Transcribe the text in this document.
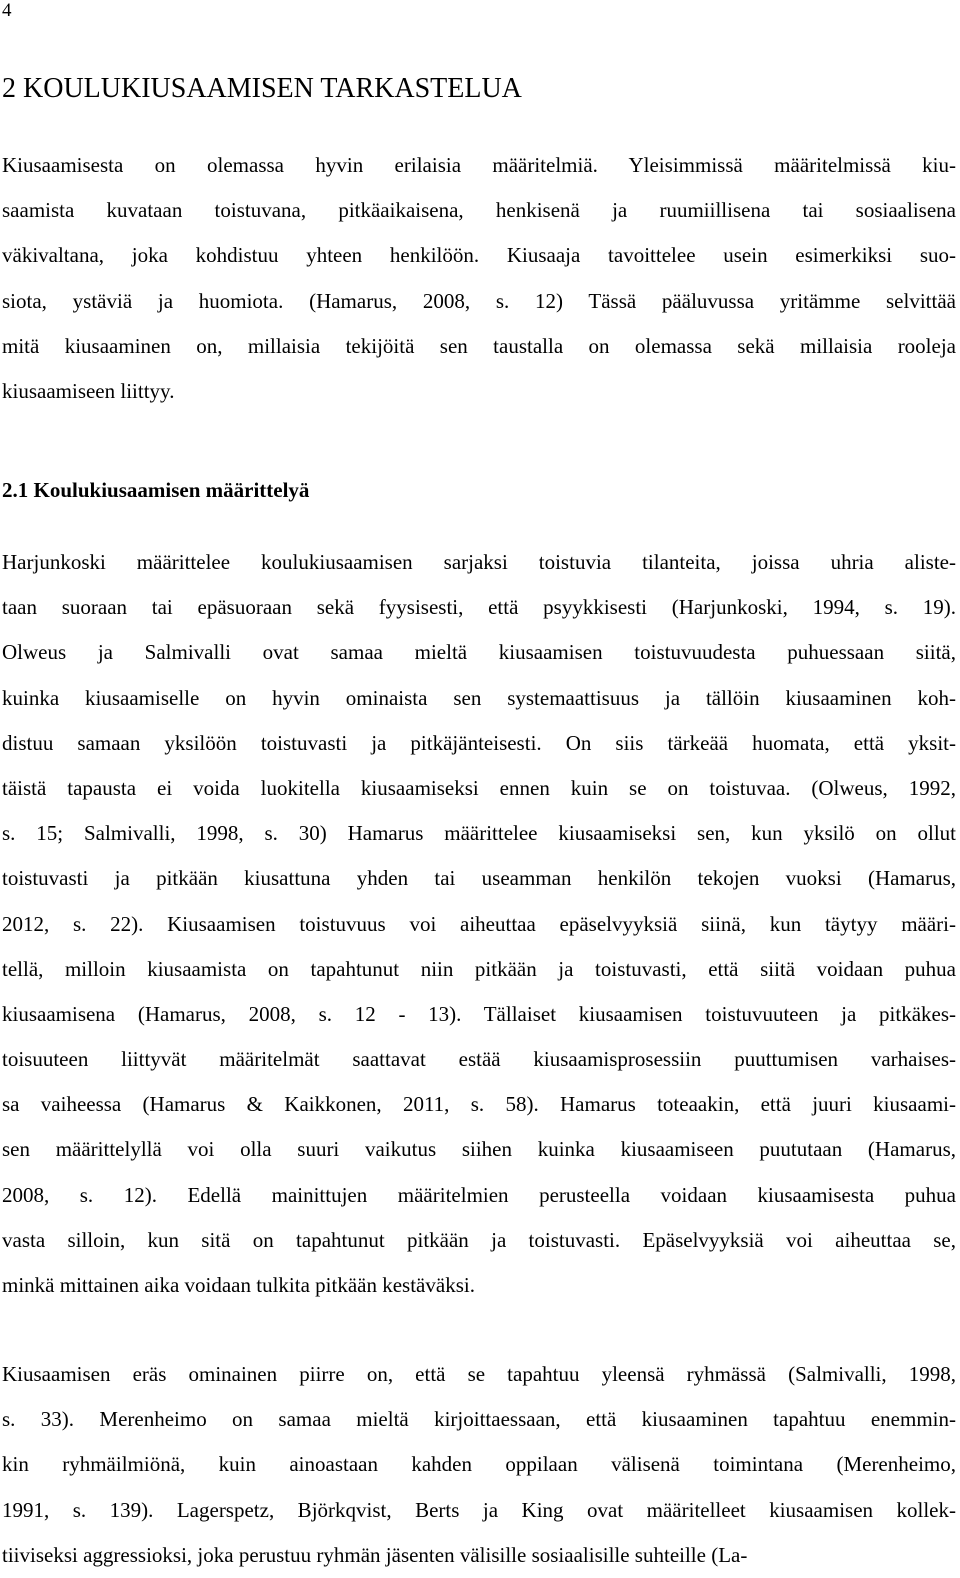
4
2 KOULUKIUSAAMISEN TARKASTELUA
Kiusaamisesta on olemassa hyvin erilaisia määritelmiä. Yleisimmissä määritelmissä kiu-
saamista kuvataan toistuvana, pitkäaikaisena, henkisenä ja ruumiillisena tai sosiaalisena
väkivaltana, joka kohdistuu yhteen henkilöön. Kiusaaja tavoittelee usein esimerkiksi suo-
siota, ystäviä ja huomiota. (Hamarus, 2008, s. 12) Tässä pääluvussa yritämme selvittää
mitä kiusaaminen on, millaisia tekijöitä sen taustalla on olemassa sekä millaisia rooleja
kiusaamiseen liittyy.
2.1 Koulukiusaamisen määrittelyä
Harjunkoski määrittelee koulukiusaamisen sarjaksi toistuvia tilanteita, joissa uhria aliste-
taan suoraan tai epäsuoraan sekä fyysisesti, että psyykkisesti (Harjunkoski, 1994, s. 19).
Olweus ja Salmivalli ovat samaa mieltä kiusaamisen toistuvuudesta puhuessaan siitä,
kuinka kiusaamiselle on hyvin ominaista sen systemaattisuus ja tällöin kiusaaminen koh-
distuu samaan yksilöön toistuvasti ja pitkäjänteisesti. On siis tärkeää huomata, että yksit-
täistä tapausta ei voida luokitella kiusaamiseksi ennen kuin se on toistuvaa. (Olweus, 1992,
s. 15; Salmivalli, 1998, s. 30) Hamarus määrittelee kiusaamiseksi sen, kun yksilö on ollut
toistuvasti ja pitkään kiusattuna yhden tai useamman henkilön tekojen vuoksi (Hamarus,
2012, s. 22). Kiusaamisen toistuvuus voi aiheuttaa epäselvyyksiä siinä, kun täytyy määri-
tellä, milloin kiusaamista on tapahtunut niin pitkään ja toistuvasti, että siitä voidaan puhua
kiusaamisena (Hamarus, 2008, s. 12 - 13). Tällaiset kiusaamisen toistuvuuteen ja pitkäkes-
toisuuteen liittyvät määritelmät saattavat estää kiusaamisprosessiin puuttumisen varhaises-
sa vaiheessa (Hamarus & Kaikkonen, 2011, s. 58). Hamarus toteaakin, että juuri kiusaami-
sen määrittelyllä voi olla suuri vaikutus siihen kuinka kiusaamiseen puututaan (Hamarus,
2008, s. 12). Edellä mainittujen määritelmien perusteella voidaan kiusaamisesta puhua
vasta silloin, kun sitä on tapahtunut pitkään ja toistuvasti. Epäselvyyksiä voi aiheuttaa se,
minkä mittainen aika voidaan tulkita pitkään kestäväksi.
Kiusaamisen eräs ominainen piirre on, että se tapahtuu yleensä ryhmässä (Salmivalli, 1998,
s. 33). Merenheimo on samaa mieltä kirjoittaessaan, että kiusaaminen tapahtuu enemmin-
kin ryhmäilmiönä, kuin ainoastaan kahden oppilaan välisenä toimintana (Merenheimo,
1991, s. 139). Lagerspetz, Björkqvist, Berts ja King ovat määritelleet kiusaamisen kollek-
tiiviseksi aggressioksi, joka perustuu ryhmän jäsenten välisille sosiaalisille suhteille (La-
